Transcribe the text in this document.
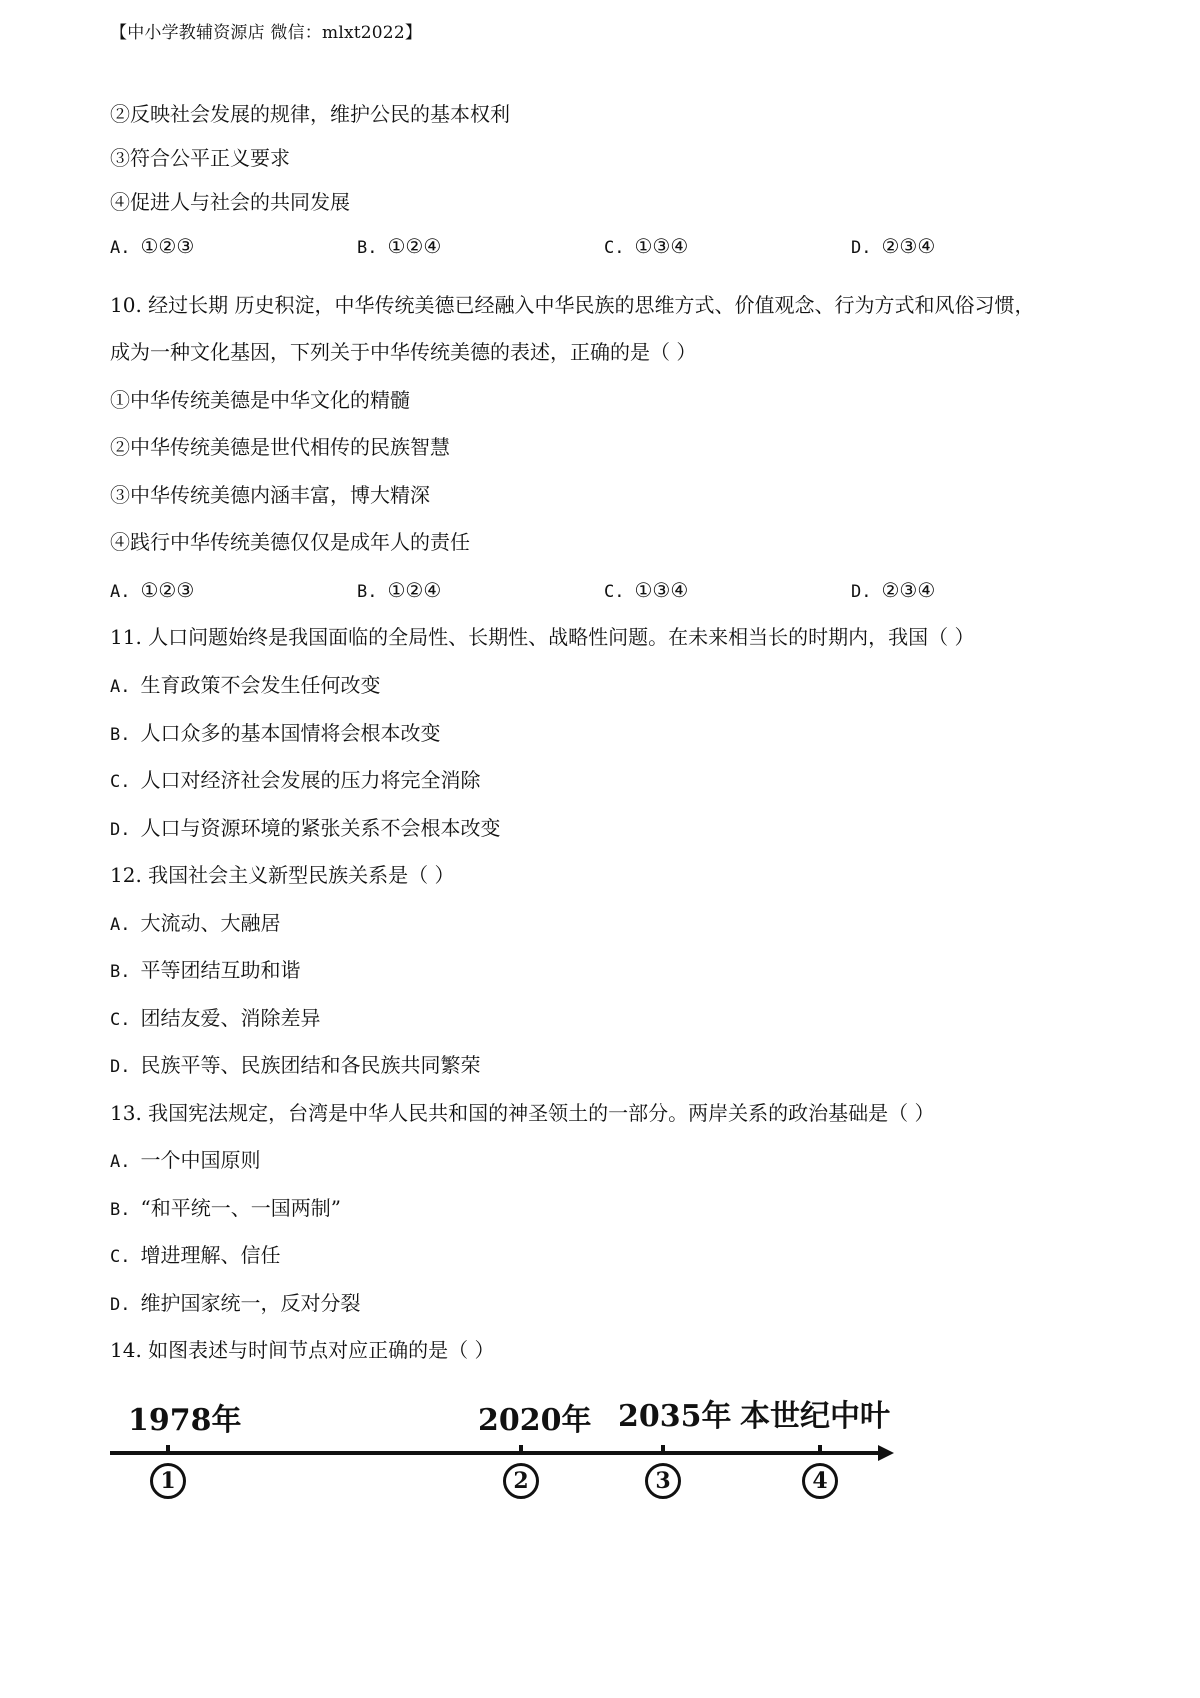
【中小学教辅资源店 微信：mlxt2022】
②反映社会发展的规律，维护公民的基本权利
③符合公平正义要求
④促进人与社会的共同发展
A. ①②③	B. ①②④	C. ①③④	D. ②③④
10. 经过长期 历史积淀，中华传统美德已经融入中华民族的思维方式、价值观念、行为方式和风俗习惯，
成为一种文化基因，下列关于中华传统美德的表述，正确的是（ ）
①中华传统美德是中华文化的精髓
②中华传统美德是世代相传的民族智慧
③中华传统美德内涵丰富，博大精深
④践行中华传统美德仅仅是成年人的责任
A. ①②③	B. ①②④	C. ①③④	D. ②③④
11. 人口问题始终是我国面临的全局性、长期性、战略性问题。在未来相当长的时期内，我国（ ）
A. 生育政策不会发生任何改变
B. 人口众多的基本国情将会根本改变
C. 人口对经济社会发展的压力将完全消除
D. 人口与资源环境的紧张关系不会根本改变
12. 我国社会主义新型民族关系是（ ）
A. 大流动、大融居
B. 平等团结互助和谐
C. 团结友爱、消除差异
D. 民族平等、民族团结和各民族共同繁荣
13. 我国宪法规定，台湾是中华人民共和国的神圣领土的一部分。两岸关系的政治基础是（ ）
A. 一个中国原则
B. “和平统一、一国两制”
C. 增进理解、信任
D. 维护国家统一，反对分裂
14. 如图表述与时间节点对应正确的是（ ）
1978年	2020年 2035年 本世纪中叶
1	2	3	4
